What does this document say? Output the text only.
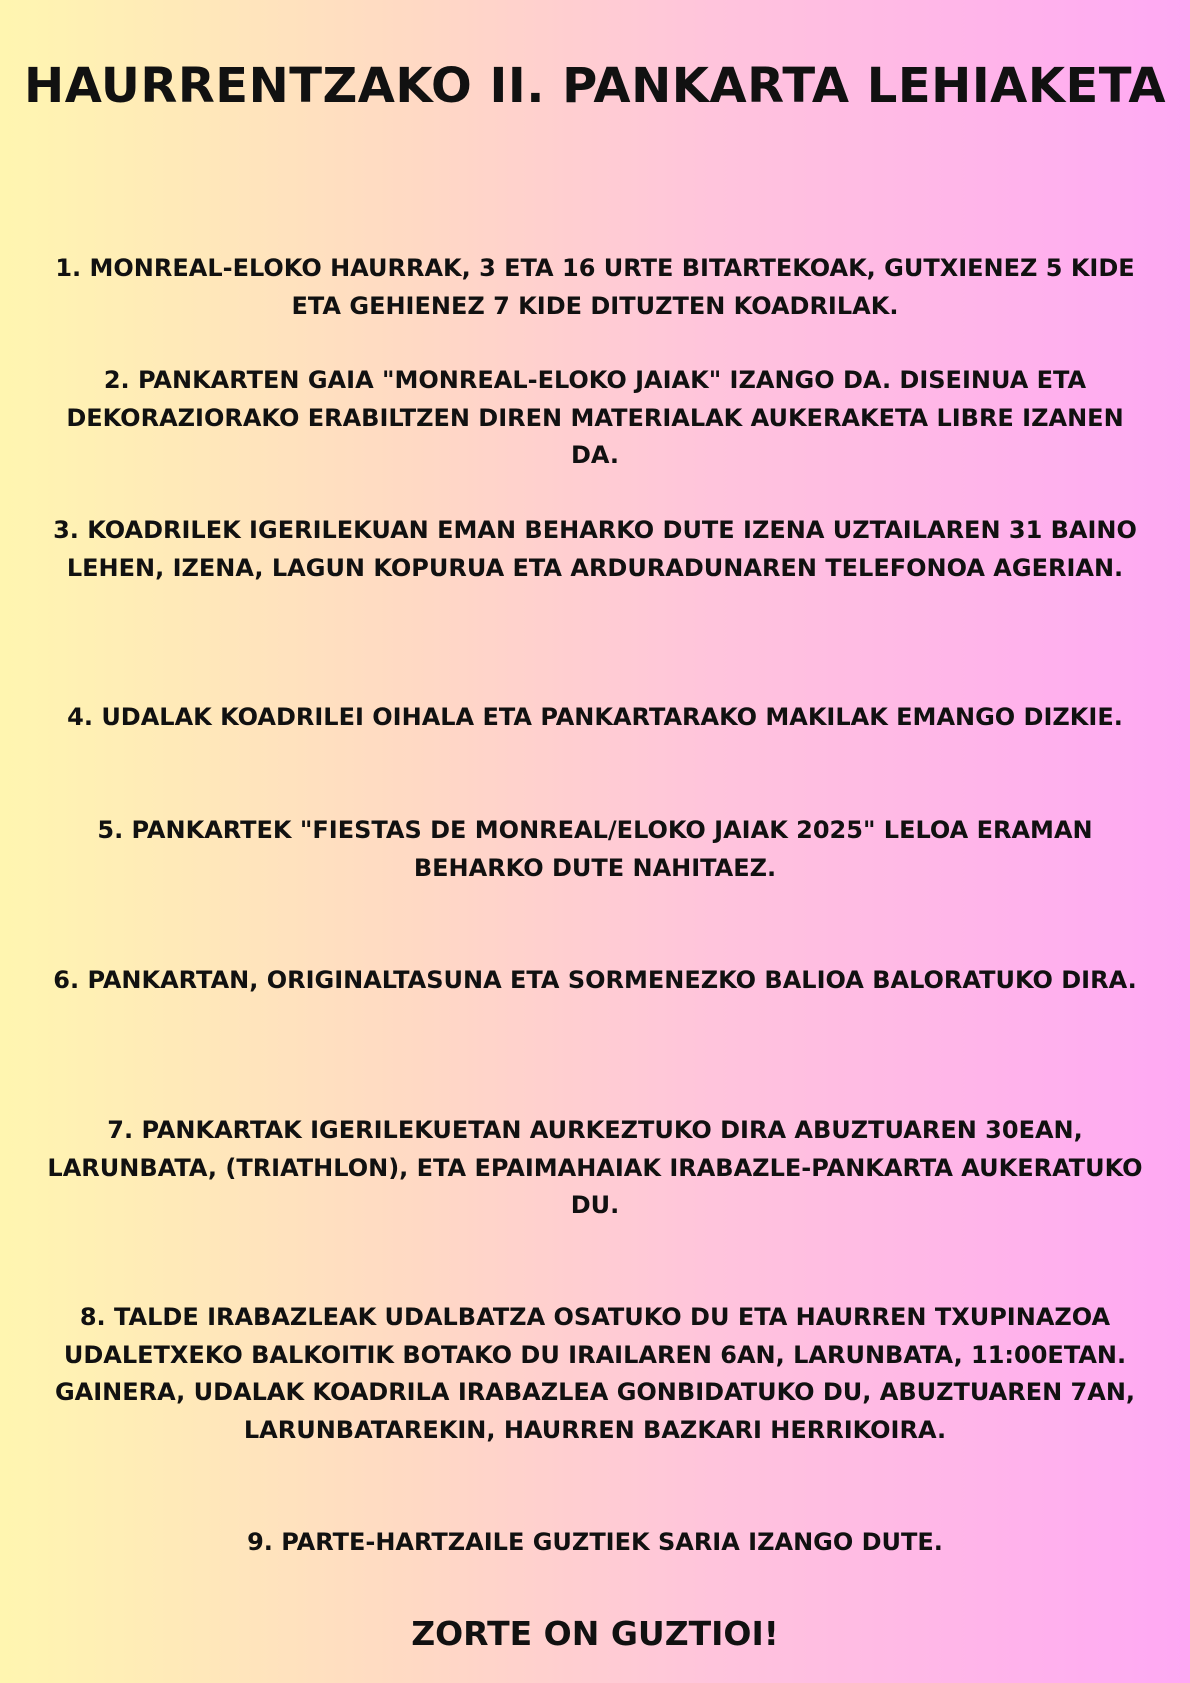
HAURRENTZAKO II. PANKARTA LEHIAKETA

1. MONREAL-ELOKO HAURRAK, 3 ETA 16 URTE BITARTEKOAK, GUTXIENEZ 5 KIDE ETA GEHIENEZ 7 KIDE DITUZTEN KOADRILAK.

2. PANKARTEN GAIA "MONREAL-ELOKO JAIAK" IZANGO DA. DISEINUA ETA DEKORAZIORAKO ERABILTZEN DIREN MATERIALAK AUKERAKETA LIBRE IZANEN DA.

3. KOADRILEK IGERILEKUAN EMAN BEHARKO DUTE IZENA UZTAILAREN 31 BAINO LEHEN, IZENA, LAGUN KOPURUA ETA ARDURADUNAREN TELEFONOA AGERIAN.

4. UDALAK KOADRILEI OIHALA ETA PANKARTARAKO MAKILAK EMANGO DIZKIE.

5. PANKARTEK "FIESTAS DE MONREAL/ELOKO JAIAK 2025" LELOA ERAMAN BEHARKO DUTE NAHITAEZ.

6. PANKARTAN, ORIGINALTASUNA ETA SORMENEZKO BALIOA BALORATUKO DIRA.

7. PANKARTAK IGERILEKUETAN AURKEZTUKO DIRA ABUZTUAREN 30EAN, LARUNBATA, (TRIATHLON), ETA EPAIMAHAIAK IRABAZLE-PANKARTA AUKERATUKO DU.

8. TALDE IRABAZLEAK UDALBATZA OSATUKO DU ETA HAURREN TXUPINAZOA UDALETXEKO BALKOITIK BOTAKO DU IRAILAREN 6AN, LARUNBATA, 11:00ETAN. GAINERA, UDALAK KOADRILA IRABAZLEA GONBIDATUKO DU, ABUZTUAREN 7AN, LARUNBATAREKIN, HAURREN BAZKARI HERRIKOIRA.

9. PARTE-HARTZAILE GUZTIEK SARIA IZANGO DUTE.

ZORTE ON GUZTIOI!
